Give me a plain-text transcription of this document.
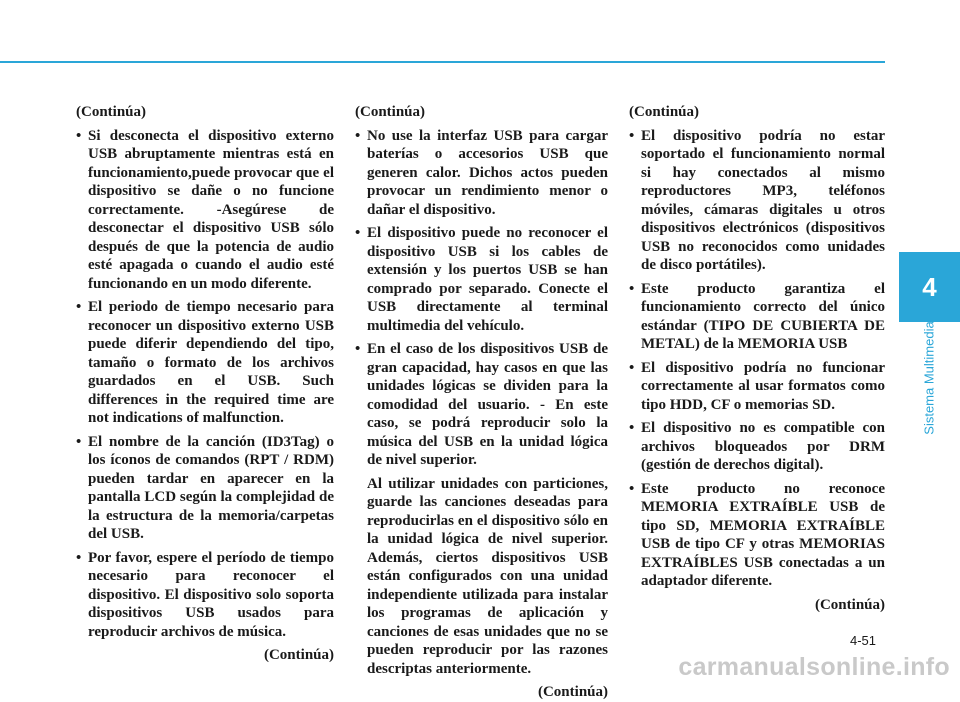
4
Sistema Multimedia

(Continúa)

• Si desconecta el dispositivo externo USB abruptamente mientras está en funcionamiento,puede provocar que el dispositivo se dañe o no funcione correctamente. -Asegúrese de desconectar el dispositivo USB sólo después de que la potencia de audio esté apagada o cuando el audio esté funcionando en un modo diferente.

• El periodo de tiempo necesario para reconocer un dispositivo externo USB puede diferir dependiendo del tipo, tamaño o formato de los archivos guardados en el USB. Such differences in the required time are not indications of malfunction.

• El nombre de la canción (ID3Tag) o los íconos de comandos (RPT / RDM) pueden tardar en aparecer en la pantalla LCD según la complejidad de la estructura de la memoria/carpetas del USB.

• Por favor, espere el período de tiempo necesario para reconocer el dispositivo. El dispositivo solo soporta dispositivos USB usados para reproducir archivos de música.

(Continúa)

(Continúa)

• No use la interfaz USB para cargar baterías o accesorios USB que generen calor. Dichos actos pueden provocar un rendimiento menor o dañar el dispositivo.

• El dispositivo puede no reconocer el dispositivo USB si los cables de extensión y los puertos USB se han comprado por separado. Conecte el USB directamente al terminal multimedia del vehículo.

• En el caso de los dispositivos USB de gran capacidad, hay casos en que las unidades lógicas se dividen para la comodidad del usuario. - En este caso, se podrá reproducir solo la música del USB en la unidad lógica de nivel superior.

Al utilizar unidades con particiones, guarde las canciones deseadas para reproducirlas en el dispositivo sólo en la unidad lógica de nivel superior. Además, ciertos dispositivos USB están configurados con una unidad independiente utilizada para instalar los programas de aplicación y canciones de esas unidades que no se pueden reproducir por las razones descriptas anteriormente.

(Continúa)

(Continúa)

• El dispositivo podría no estar soportado el funcionamiento normal si hay conectados al mismo reproductores MP3, teléfonos móviles, cámaras digitales u otros dispositivos electrónicos (dispositivos USB no reconocidos como unidades de disco portátiles).

• Este producto garantiza el funcionamiento correcto del único estándar (TIPO DE CUBIERTA DE METAL) de la MEMORIA USB

• El dispositivo podría no funcionar correctamente al usar formatos como tipo HDD, CF o memorias SD.

• El dispositivo no es compatible con archivos bloqueados por DRM (gestión de derechos digital).

• Este producto no reconoce MEMORIA EXTRAÍBLE USB de tipo SD, MEMORIA EXTRAÍBLE USB de tipo CF y otras MEMORIAS EXTRAÍBLES USB conectadas a un adaptador diferente.

(Continúa)

4-51
carmanualsonline.info
